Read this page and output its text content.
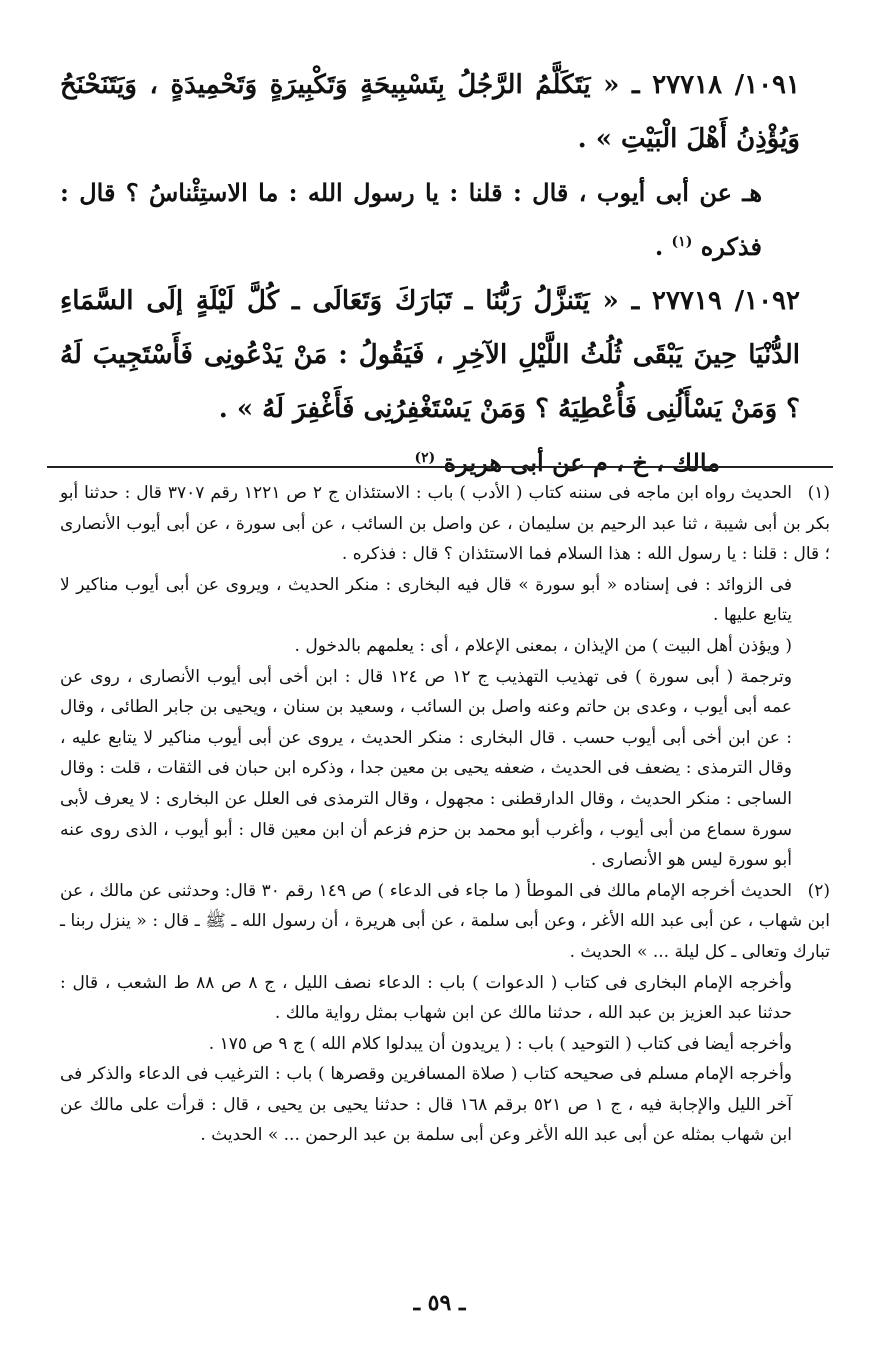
١٠٩١/ ٢٧٧١٨ ـ « يَتَكَلَّمُ الرَّجُلُ بِتَسْبِيحَةٍ وَتَكْبِيرَةٍ وَتَحْمِيدَةٍ ، وَيَتَنَحْنَحُ وَيُؤْذِنُ أَهْلَ الْبَيْتِ » .

هـ عن أبى أيوب ، قال : قلنا : يا رسول الله : ما الاستِئْناسُ ؟ قال : فذكره $^{(١)}$ .

١٠٩٢/ ٢٧٧١٩ ـ « يَتَنزَّلُ رَبُّنَا ـ تَبَارَكَ وَتَعَالَى ـ كُلَّ لَيْلَةٍ إلَى السَّمَاءِ الدُّنْيَا حِينَ يَبْقَى ثُلُثُ اللَّيْلِ الآخِرِ ، فَيَقُولُ : مَنْ يَدْعُونِى فَأَسْتَجِيبَ لَهُ ؟ وَمَنْ يَسْأَلُنِى فَأُعْطِيَهُ ؟ وَمَنْ يَسْتَغْفِرُنِى فَأَغْفِرَ لَهُ » .

مالك ، خ ، م عن أبى هريرة $^{(٢)}$

(١)الحديث رواه ابن ماجه فى سننه كتاب ( الأدب ) باب : الاستئذان ج ٢ ص ١٢٢١ رقم ٣٧٠٧ قال : حدثنا أبو بكر بن أبى شيبة ، ثنا عبد الرحيم بن سليمان ، عن واصل بن السائب ، عن أبى سورة ، عن أبى أيوب الأنصارى ؛ قال : قلنا : يا رسول الله : هذا السلام فما الاستئذان ؟ قال : فذكره .

فى الزوائد : فى إسناده « أبو سورة » قال فيه البخارى : منكر الحديث ، ويروى عن أبى أيوب مناكير لا يتابع عليها .

( ويؤذن أهل البيت ) من الإيذان ، بمعنى الإعلام ، أى : يعلمهم بالدخول .

وترجمة ( أبى سورة ) فى تهذيب التهذيب ج ١٢ ص ١٢٤ قال : ابن أخى أبى أيوب الأنصارى ، روى عن عمه أبى أيوب ، وعدى بن حاتم وعنه واصل بن السائب ، وسعيد بن سنان ، ويحيى بن جابر الطائى ، وقال : عن ابن أخى أبى أيوب حسب . قال البخارى : منكر الحديث ، يروى عن أبى أيوب مناكير لا يتابع عليه ، وقال الترمذى : يضعف فى الحديث ، ضعفه يحيى بن معين جدا ، وذكره ابن حبان فى الثقات ، قلت : وقال الساجى : منكر الحديث ، وقال الدارقطنى : مجهول ، وقال الترمذى فى العلل عن البخارى : لا يعرف لأبى سورة سماع من أبى أيوب ، وأغرب أبو محمد بن حزم فزعم أن ابن معين قال : أبو أيوب ، الذى روى عنه أبو سورة ليس هو الأنصارى .

(٢)الحديث أخرجه الإمام مالك فى الموطأ ( ما جاء فى الدعاء ) ص ١٤٩ رقم ٣٠ قال: وحدثنى عن مالك ، عن ابن شهاب ، عن أبى عبد الله الأغر ، وعن أبى سلمة ، عن أبى هريرة ، أن رسول الله ـ ﷺ ـ قال : « ينزل ربنا ـ تبارك وتعالى ـ كل ليلة ... » الحديث .

وأخرجه الإمام البخارى فى كتاب ( الدعوات ) باب : الدعاء نصف الليل ، ج ٨ ص ٨٨ ط الشعب ، قال : حدثنا عبد العزيز بن عبد الله ، حدثنا مالك عن ابن شهاب بمثل رواية مالك .

وأخرجه أيضا فى كتاب ( التوحيد ) باب : ( يريدون أن يبدلوا كلام الله ) ج ٩ ص ١٧٥ .

وأخرجه الإمام مسلم فى صحيحه كتاب ( صلاة المسافرين وقصرها ) باب : الترغيب فى الدعاء والذكر فى آخر الليل والإجابة فيه ، ج ١ ص ٥٢١ برقم ١٦٨ قال : حدثنا يحيى بن يحيى ، قال : قرأت على مالك عن ابن شهاب بمثله عن أبى عبد الله الأغر وعن أبى سلمة بن عبد الرحمن ... » الحديث .

ـ ٥٩ ـ
